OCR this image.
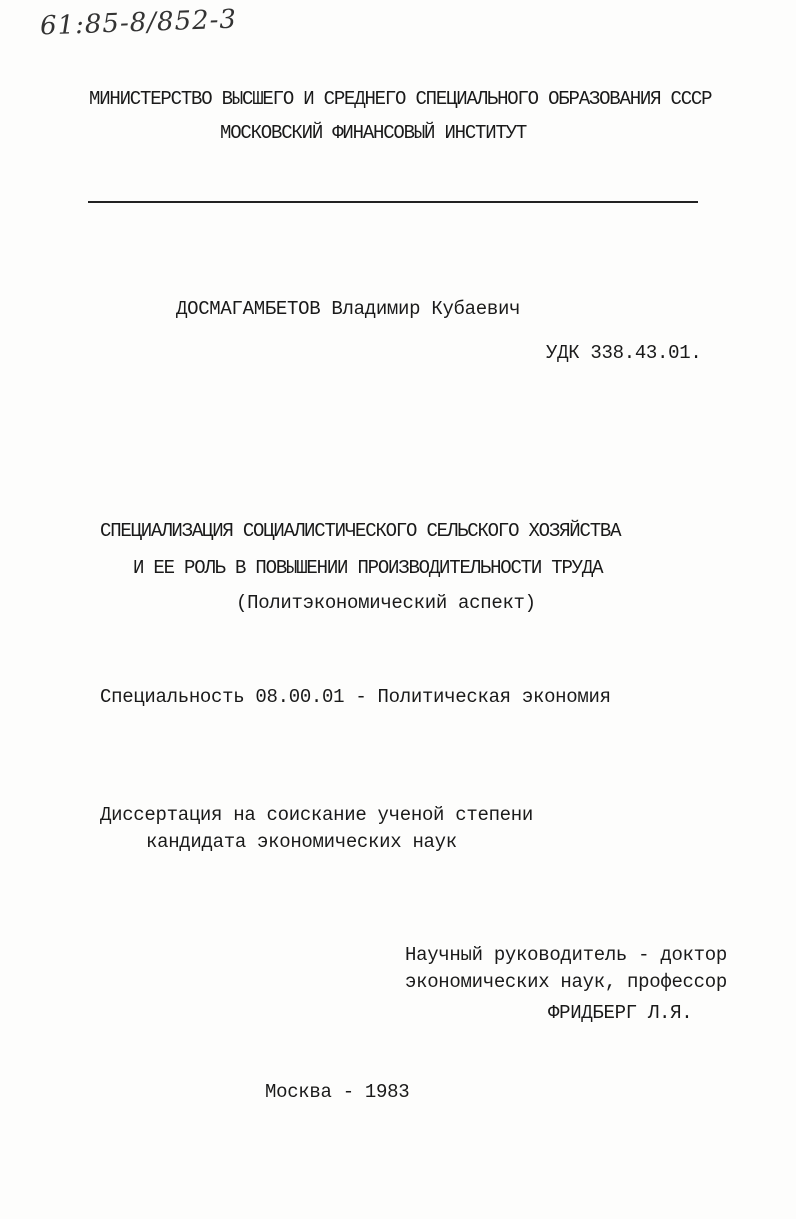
61:85-8/852-3
МИНИСТЕРСТВО ВЫСШЕГО И СРЕДНЕГО СПЕЦИАЛЬНОГО ОБРАЗОВАНИЯ СССР
МОСКОВСКИЙ ФИНАНСОВЫЙ ИНСТИТУТ
ДОСМАГАМБЕТОВ Владимир Кубаевич
УДК 338.43.01.
СПЕЦИАЛИЗАЦИЯ СОЦИАЛИСТИЧЕСКОГО СЕЛЬСКОГО ХОЗЯЙСТВА
И ЕЕ РОЛЬ В ПОВЫШЕНИИ ПРОИЗВОДИТЕЛЬНОСТИ ТРУДА
(Политэкономический аспект)
Специальность 08.00.01 - Политическая экономия
Диссертация на соискание ученой степени
кандидата экономических наук
Научный руководитель - доктор
экономических наук, профессор
ФРИДБЕРГ Л.Я.
Москва - 1983
